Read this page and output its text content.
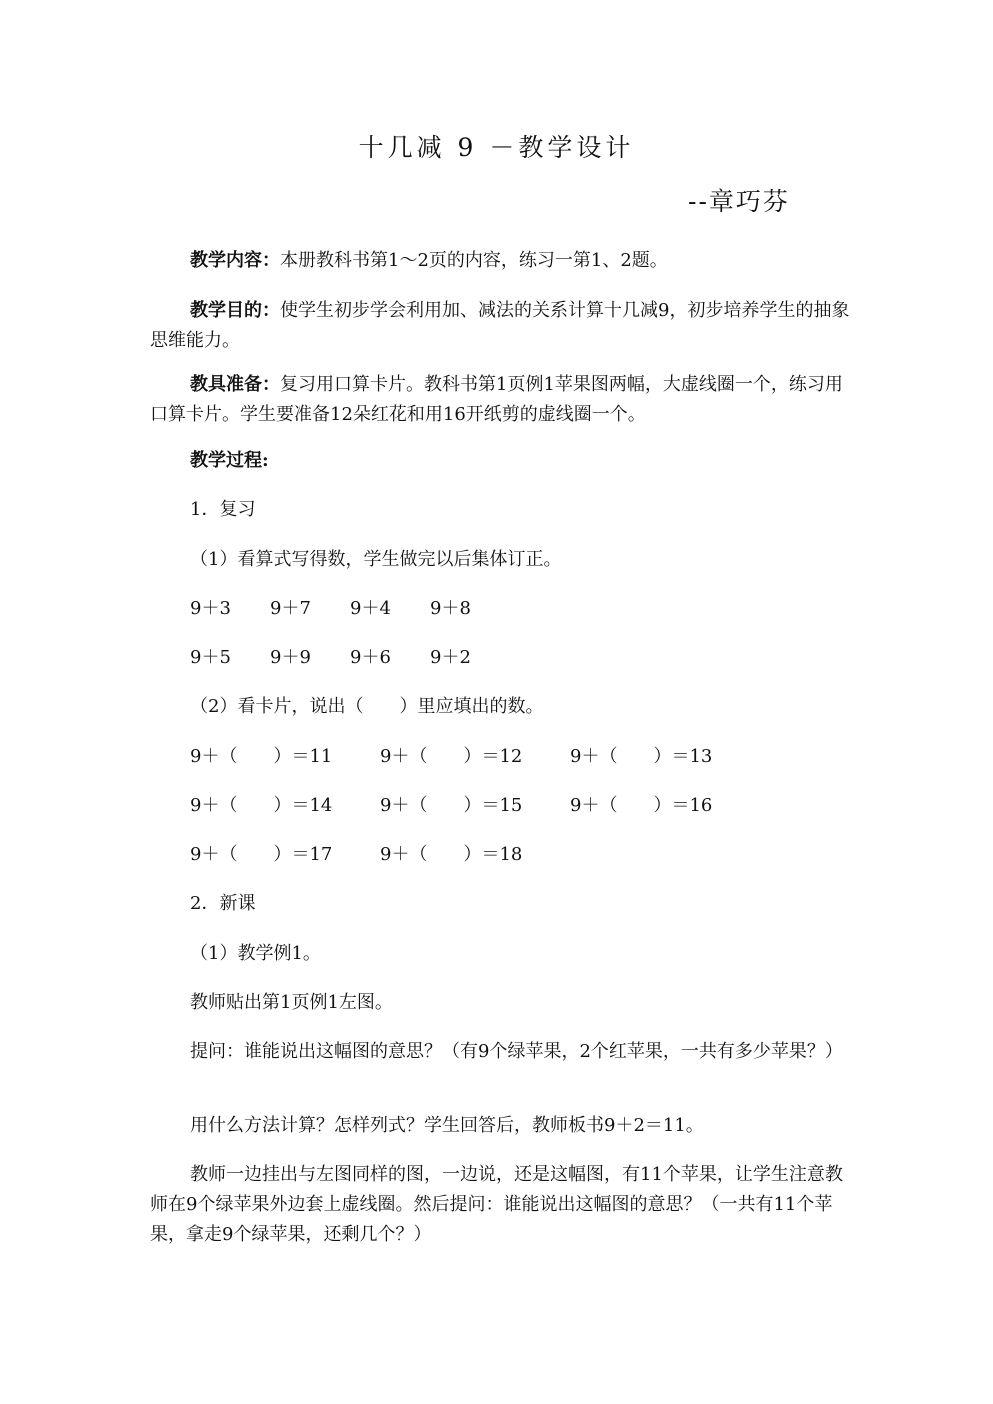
十几减 9 －教学设计
--章巧芬
教学内容：本册教科书第1～2页的内容，练习一第1、2题。
教学目的：使学生初步学会利用加、减法的关系计算十几减9，初步培养学生的抽象思维能力。
教具准备：复习用口算卡片。教科书第1页例1苹果图两幅，大虚线圈一个，练习用口算卡片。学生要准备12朵红花和用16开纸剪的虚线圈一个。
教学过程:
1．复习
（1）看算式写得数，学生做完以后集体订正。
9＋3 9＋7 9＋4 9＋8
9＋5 9＋9 9＋6 9＋2
（2）看卡片，说出（　　）里应填出的数。
9＋（　　）＝11	9＋（　　）＝12	9＋（　　）＝13
9＋（　　）＝14	9＋（　　）＝15	9＋（　　）＝16
9＋（　　）＝17	9＋（　　）＝18
2．新课
（1）教学例1。
教师贴出第1页例1左图。
提问：谁能说出这幅图的意思？（有9个绿苹果，2个红苹果，一共有多少苹果？）
用什么方法计算？怎样列式？学生回答后，教师板书9＋2＝11。
教师一边挂出与左图同样的图，一边说，还是这幅图，有11个苹果，让学生注意教师在9个绿苹果外边套上虚线圈。然后提问：谁能说出这幅图的意思？（一共有11个苹果，拿走9个绿苹果，还剩几个？）
